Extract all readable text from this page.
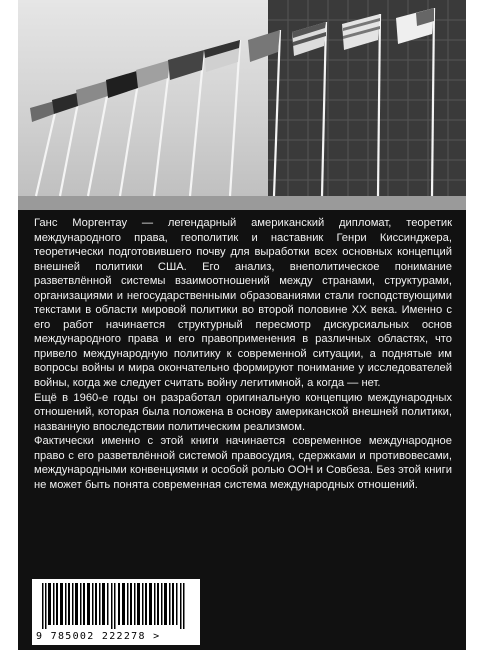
Ганс Моргентау — легендарный американский дипломат, теоретик международного права, геополитик и наставник Генри Киссинджера, теоретически подготовившего почву для выработки всех основных концепций внешней политики США. Его анализ, внеполитическое понимание разветвлённой системы взаимоотношений между странами, структурами, организациями и негосударственными образованиями стали господствующими текстами в области мировой политики во второй половине XX века. Именно с его работ начинается структурный пересмотр дискурсиальных основ международного права и его правоприменения в различных областях, что привело международную политику к современной ситуации, а поднятые им вопросы войны и мира окончательно формируют понимание у исследователей войны, когда же следует считать войну легитимной, а когда — нет.

Ещё в 1960-е годы он разработал оригинальную концепцию международных отношений, которая была положена в основу американской внешней политики, названную впоследствии политическим реализмом.

Фактически именно с этой книги начинается современное международное право с его разветвлённой системой правосудия, сдержками и противовесами, международными конвенциями и особой ролью ООН и Совбеза. Без этой книги не может быть понята современная система международных отношений.

9 785002 222278 >
